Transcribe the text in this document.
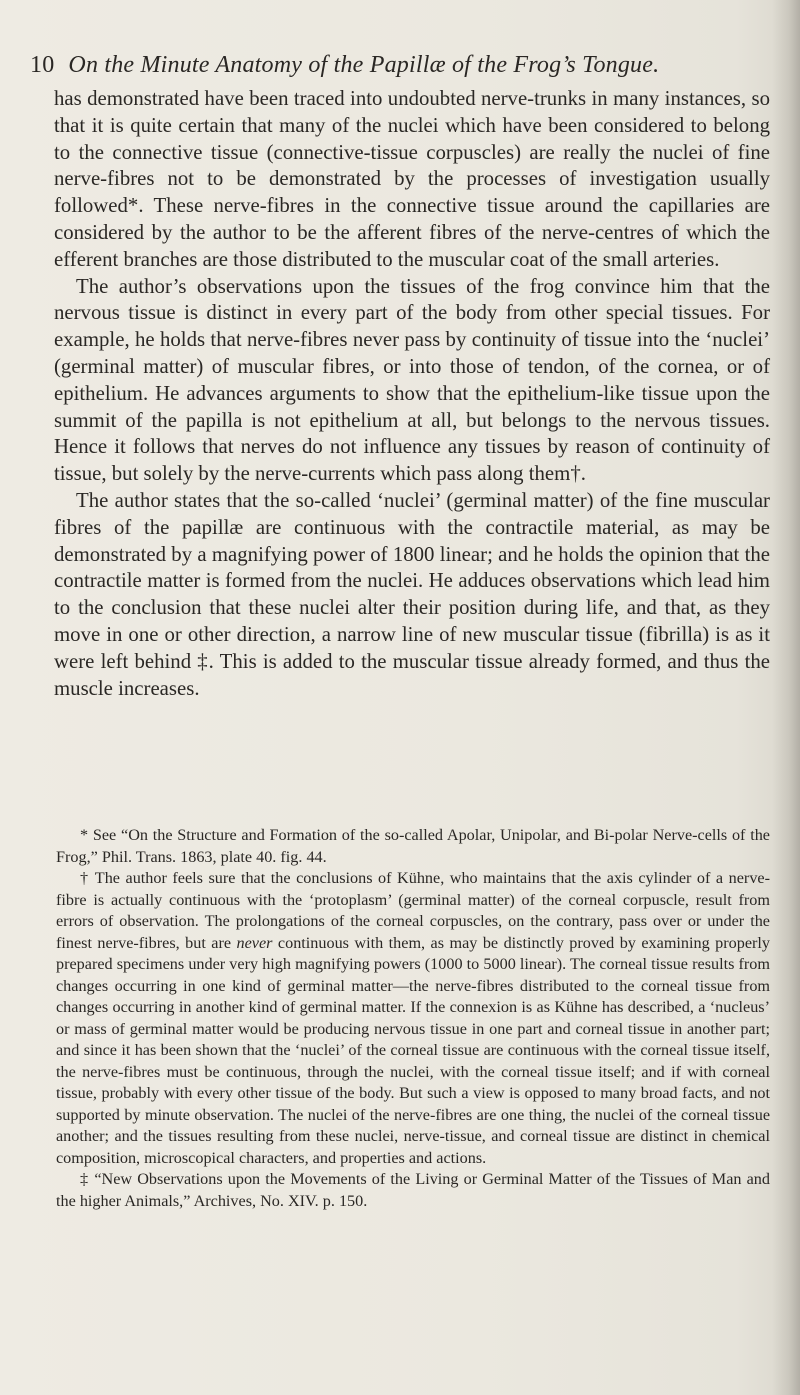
10 On the Minute Anatomy of the Papillæ of the Frog’s Tongue.

has demonstrated have been traced into undoubted nerve-trunks in many instances, so that it is quite certain that many of the nuclei which have been considered to belong to the connective tissue (connective-tissue corpuscles) are really the nuclei of fine nerve-fibres not to be demonstrated by the processes of investigation usually followed*. These nerve-fibres in the connective tissue around the capillaries are considered by the author to be the afferent fibres of the nerve-centres of which the efferent branches are those distributed to the muscular coat of the small arteries.

The author’s observations upon the tissues of the frog convince him that the nervous tissue is distinct in every part of the body from other special tissues. For example, he holds that nerve-fibres never pass by continuity of tissue into the ‘nuclei’ (germinal matter) of muscular fibres, or into those of tendon, of the cornea, or of epithelium. He advances arguments to show that the epithelium-like tissue upon the summit of the papilla is not epithelium at all, but belongs to the nervous tissues. Hence it follows that nerves do not influence any tissues by reason of continuity of tissue, but solely by the nerve-currents which pass along them†.

The author states that the so-called ‘nuclei’ (germinal matter) of the fine muscular fibres of the papillæ are continuous with the contractile material, as may be demonstrated by a magnifying power of 1800 linear; and he holds the opinion that the contractile matter is formed from the nuclei. He adduces observations which lead him to the conclusion that these nuclei alter their position during life, and that, as they move in one or other direction, a narrow line of new muscular tissue (fibrilla) is as it were left behind ‡. This is added to the muscular tissue already formed, and thus the muscle increases.

* See “On the Structure and Formation of the so-called Apolar, Unipolar, and Bi-polar Nerve-cells of the Frog,” Phil. Trans. 1863, plate 40. fig. 44.

† The author feels sure that the conclusions of Kühne, who maintains that the axis cylinder of a nerve-fibre is actually continuous with the ‘protoplasm’ (germinal matter) of the corneal corpuscle, result from errors of observation. The prolongations of the corneal corpuscles, on the contrary, pass over or under the finest nerve-fibres, but are never continuous with them, as may be distinctly proved by examining properly prepared specimens under very high magnifying powers (1000 to 5000 linear). The corneal tissue results from changes occurring in one kind of germinal matter—the nerve-fibres distributed to the corneal tissue from changes occurring in another kind of germinal matter. If the connexion is as Kühne has described, a ‘nucleus’ or mass of germinal matter would be producing nervous tissue in one part and corneal tissue in another part; and since it has been shown that the ‘nuclei’ of the corneal tissue are continuous with the corneal tissue itself, the nerve-fibres must be continuous, through the nuclei, with the corneal tissue itself; and if with corneal tissue, probably with every other tissue of the body. But such a view is opposed to many broad facts, and not supported by minute observation. The nuclei of the nerve-fibres are one thing, the nuclei of the corneal tissue another; and the tissues resulting from these nuclei, nerve-tissue, and corneal tissue are distinct in chemical composition, microscopical characters, and properties and actions.

‡ “New Observations upon the Movements of the Living or Germinal Matter of the Tissues of Man and the higher Animals,” Archives, No. XIV. p. 150.
